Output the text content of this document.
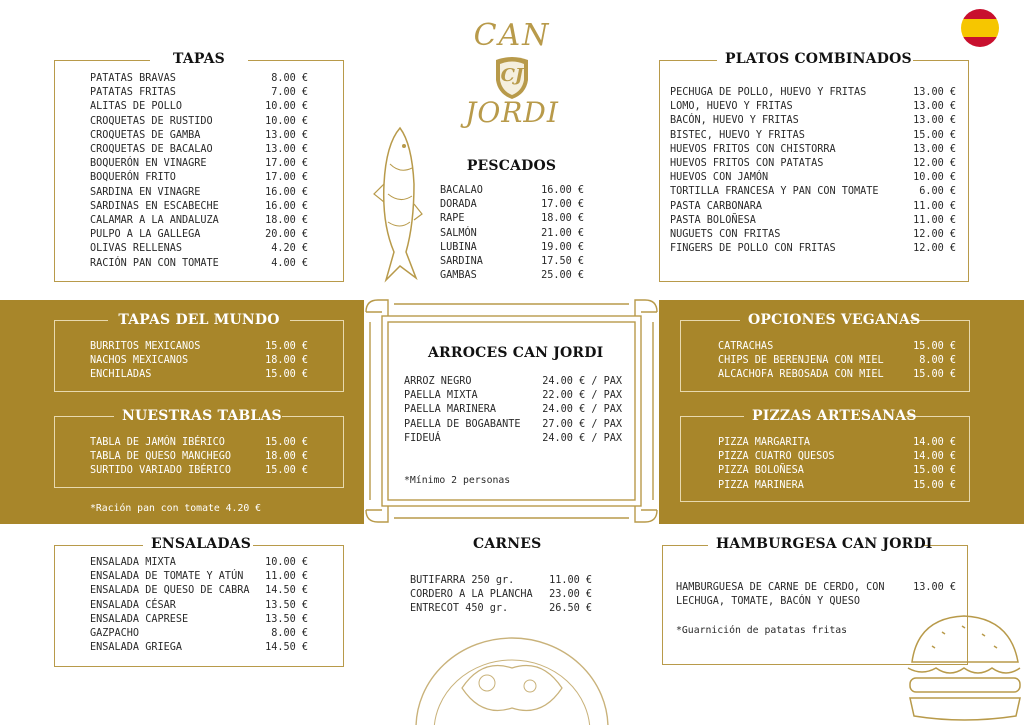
CAN
CJ
JORDI
TAPAS
PATATAS BRAVAS	8.00 €
PATATAS FRITAS	7.00 €
ALITAS DE POLLO	10.00 €
CROQUETAS DE RUSTIDO	10.00 €
CROQUETAS DE GAMBA	13.00 €
CROQUETAS DE BACALAO	13.00 €
BOQUERÓN EN VINAGRE	17.00 €
BOQUERÓN FRITO	17.00 €
SARDINA EN VINAGRE	16.00 €
SARDINAS EN ESCABECHE	16.00 €
CALAMAR A LA ANDALUZA	18.00 €
PULPO A LA GALLEGA	20.00 €
OLIVAS RELLENAS	4.20 €
RACIÓN PAN CON TOMATE	4.00 €
PESCADOS
BACALAO	16.00 €
DORADA	17.00 €
RAPE	18.00 €
SALMÓN	21.00 €
LUBINA	19.00 €
SARDINA	17.50 €
GAMBAS	25.00 €
PLATOS COMBINADOS
PECHUGA DE POLLO, HUEVO Y FRITAS	13.00 €
LOMO, HUEVO Y FRITAS	13.00 €
BACÓN, HUEVO Y FRITAS	13.00 €
BISTEC, HUEVO Y FRITAS	15.00 €
HUEVOS FRITOS CON CHISTORRA	13.00 €
HUEVOS FRITOS CON PATATAS	12.00 €
HUEVOS CON JAMÓN	10.00 €
TORTILLA FRANCESA Y PAN CON TOMATE	6.00 €
PASTA CARBONARA	11.00 €
PASTA BOLOÑESA	11.00 €
NUGUETS CON FRITAS	12.00 €
FINGERS DE POLLO CON FRITAS	12.00 €
TAPAS DEL MUNDO
BURRITOS MEXICANOS	15.00 €
NACHOS MEXICANOS	18.00 €
ENCHILADAS	15.00 €
NUESTRAS TABLAS
TABLA DE JAMÓN IBÉRICO	15.00 €
TABLA DE QUESO MANCHEGO	18.00 €
SURTIDO VARIADO IBÉRICO	15.00 €
*Ración pan con tomate 4.20 €
ARROCES CAN JORDI
ARROZ NEGRO	24.00 € / PAX
PAELLA MIXTA	22.00 € / PAX
PAELLA MARINERA	24.00 € / PAX
PAELLA DE BOGABANTE	27.00 € / PAX
FIDEUÁ	24.00 € / PAX
*Mínimo 2 personas
OPCIONES VEGANAS
CATRACHAS	15.00 €
CHIPS DE BERENJENA CON MIEL	8.00 €
ALCACHOFA REBOSADA CON MIEL	15.00 €
PIZZAS ARTESANAS
PIZZA MARGARITA	14.00 €
PIZZA CUATRO QUESOS	14.00 €
PIZZA BOLOÑESA	15.00 €
PIZZA MARINERA	15.00 €
ENSALADAS
ENSALADA MIXTA	10.00 €
ENSALADA DE TOMATE Y ATÚN	11.00 €
ENSALADA DE QUESO DE CABRA	14.50 €
ENSALADA CÉSAR	13.50 €
ENSALADA CAPRESE	13.50 €
GAZPACHO	8.00 €
ENSALADA GRIEGA	14.50 €
CARNES
BUTIFARRA 250 gr.	11.00 €
CORDERO A LA PLANCHA	23.00 €
ENTRECOT 450 gr.	26.50 €
HAMBURGESA CAN JORDI
HAMBURGUESA DE CARNE DE CERDO, CON	13.00 €
LECHUGA, TOMATE, BACÓN Y QUESO
*Guarnición de patatas fritas
